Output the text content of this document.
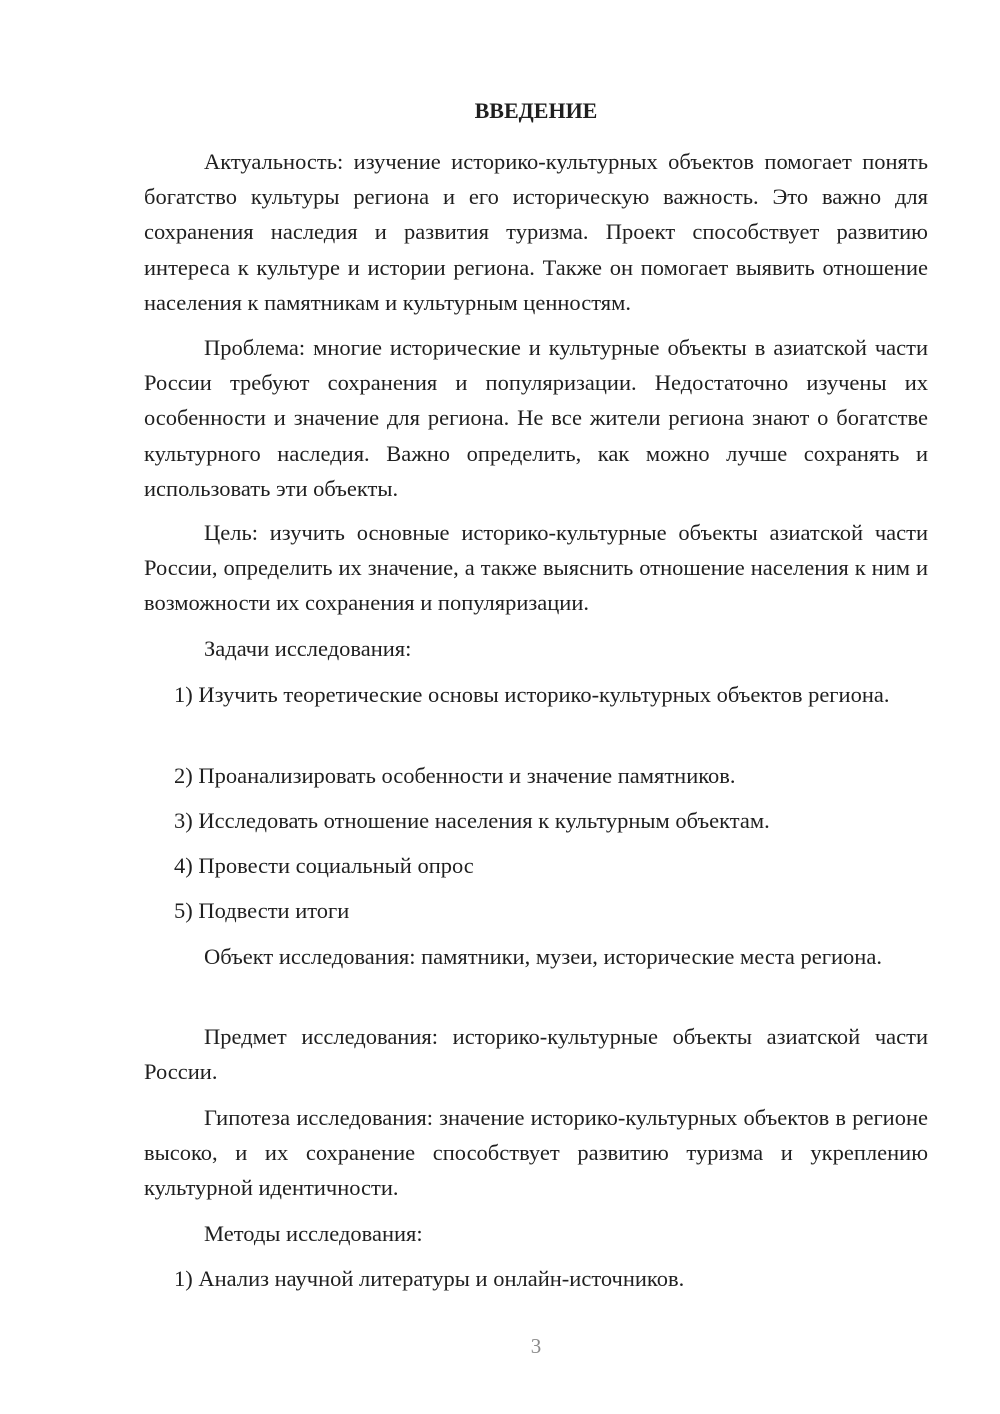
ВВЕДЕНИЕ

Актуальность: изучение историко-культурных объектов помогает понять богатство культуры региона и его историческую важность. Это важно для сохранения наследия и развития туризма. Проект способствует развитию интереса к культуре и истории региона. Также он помогает выявить отношение населения к памятникам и культурным ценностям.

Проблема: многие исторические и культурные объекты в азиатской части России требуют сохранения и популяризации. Недостаточно изучены их особенности и значение для региона. Не все жители региона знают о богатстве культурного наследия. Важно определить, как можно лучше сохранять и использовать эти объекты.

Цель: изучить основные историко-культурные объекты азиатской части России, определить их значение, а также выяснить отношение населения к ним и возможности их сохранения и популяризации.

Задачи исследования:

1) Изучить теоретические основы историко-культурных объектов региона.

2) Проанализировать особенности и значение памятников.

3) Исследовать отношение населения к культурным объектам.

4) Провести социальный опрос

5) Подвести итоги

Объект исследования: памятники, музеи, исторические места региона.

Предмет исследования: историко-культурные объекты азиатской части России.

Гипотеза исследования: значение историко-культурных объектов в регионе высоко, и их сохранение способствует развитию туризма и укреплению культурной идентичности.

Методы исследования:

1) Анализ научной литературы и онлайн-источников.

3
